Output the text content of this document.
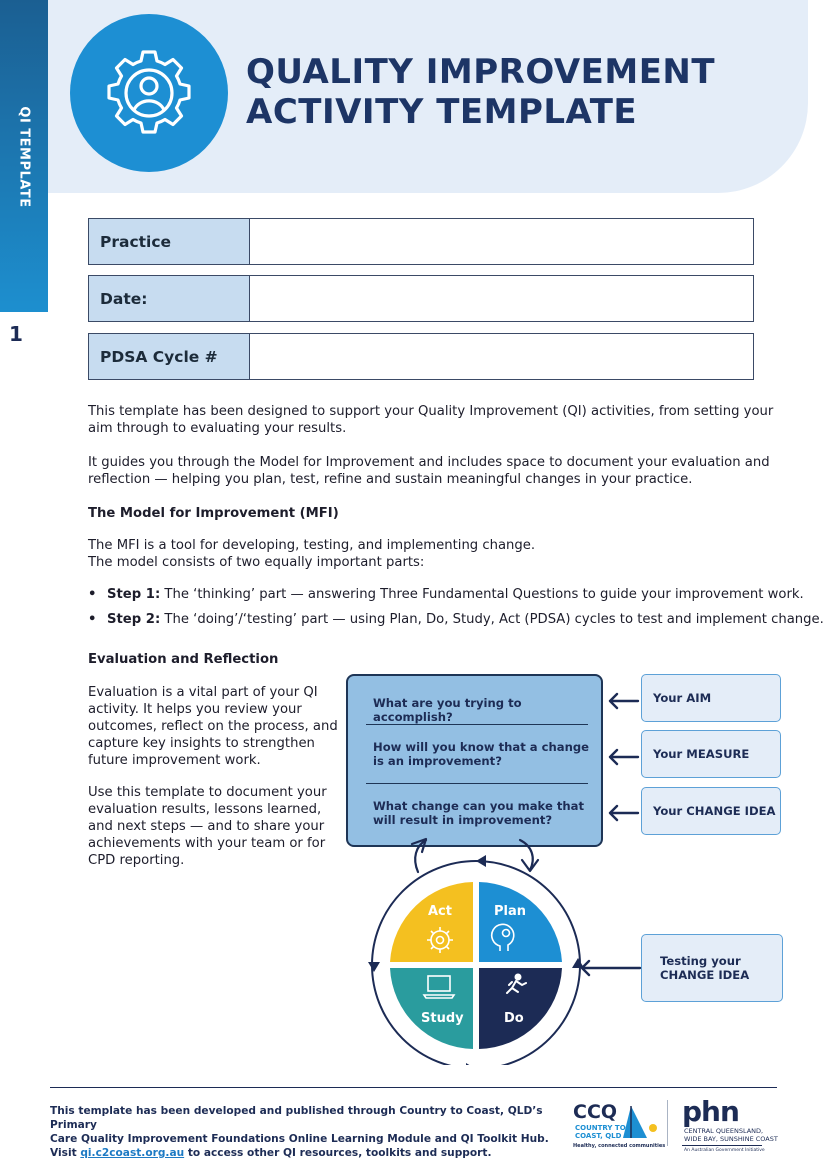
QI TEMPLATE
1
QUALITY IMPROVEMENT
ACTIVITY TEMPLATE
Practice
Date:
PDSA Cycle #
This template has been designed to support your Quality Improvement (QI) activities, from setting your
aim through to evaluating your results.
It guides you through the Model for Improvement and includes space to document your evaluation and
reflection — helping you plan, test, refine and sustain meaningful changes in your practice.
The Model for Improvement (MFI)
The MFI is a tool for developing, testing, and implementing change.
The model consists of two equally important parts:
• Step 1: The ‘thinking’ part — answering Three Fundamental Questions to guide your improvement work.
• Step 2: The ‘doing’/‘testing’ part — using Plan, Do, Study, Act (PDSA) cycles to test and implement change.
Evaluation and Reflection
Evaluation is a vital part of your QI
activity. It helps you review your
outcomes, reflect on the process, and
capture key insights to strengthen
future improvement work.
Use this template to document your
evaluation results, lessons learned,
and next steps — and to share your
achievements with your team or for
CPD reporting.
What are you trying to accomplish?
How will you know that a change
is an improvement?
What change can you make that
will result in improvement?
Your AIM
Your MEASURE
Your CHANGE IDEA
Testing your
CHANGE IDEA
Act	Plan
Study	Do
This template has been developed and published through Country to Coast, QLD’s Primary
Care Quality Improvement Foundations Online Learning Module and QI Toolkit Hub.
Visit qi.c2coast.org.au to access other QI resources, toolkits and support.
CCQ
COUNTRY TO
COAST, QLD
Healthy, connected communities
phn
CENTRAL QUEENSLAND,
WIDE BAY, SUNSHINE COAST
An Australian Government Initiative
